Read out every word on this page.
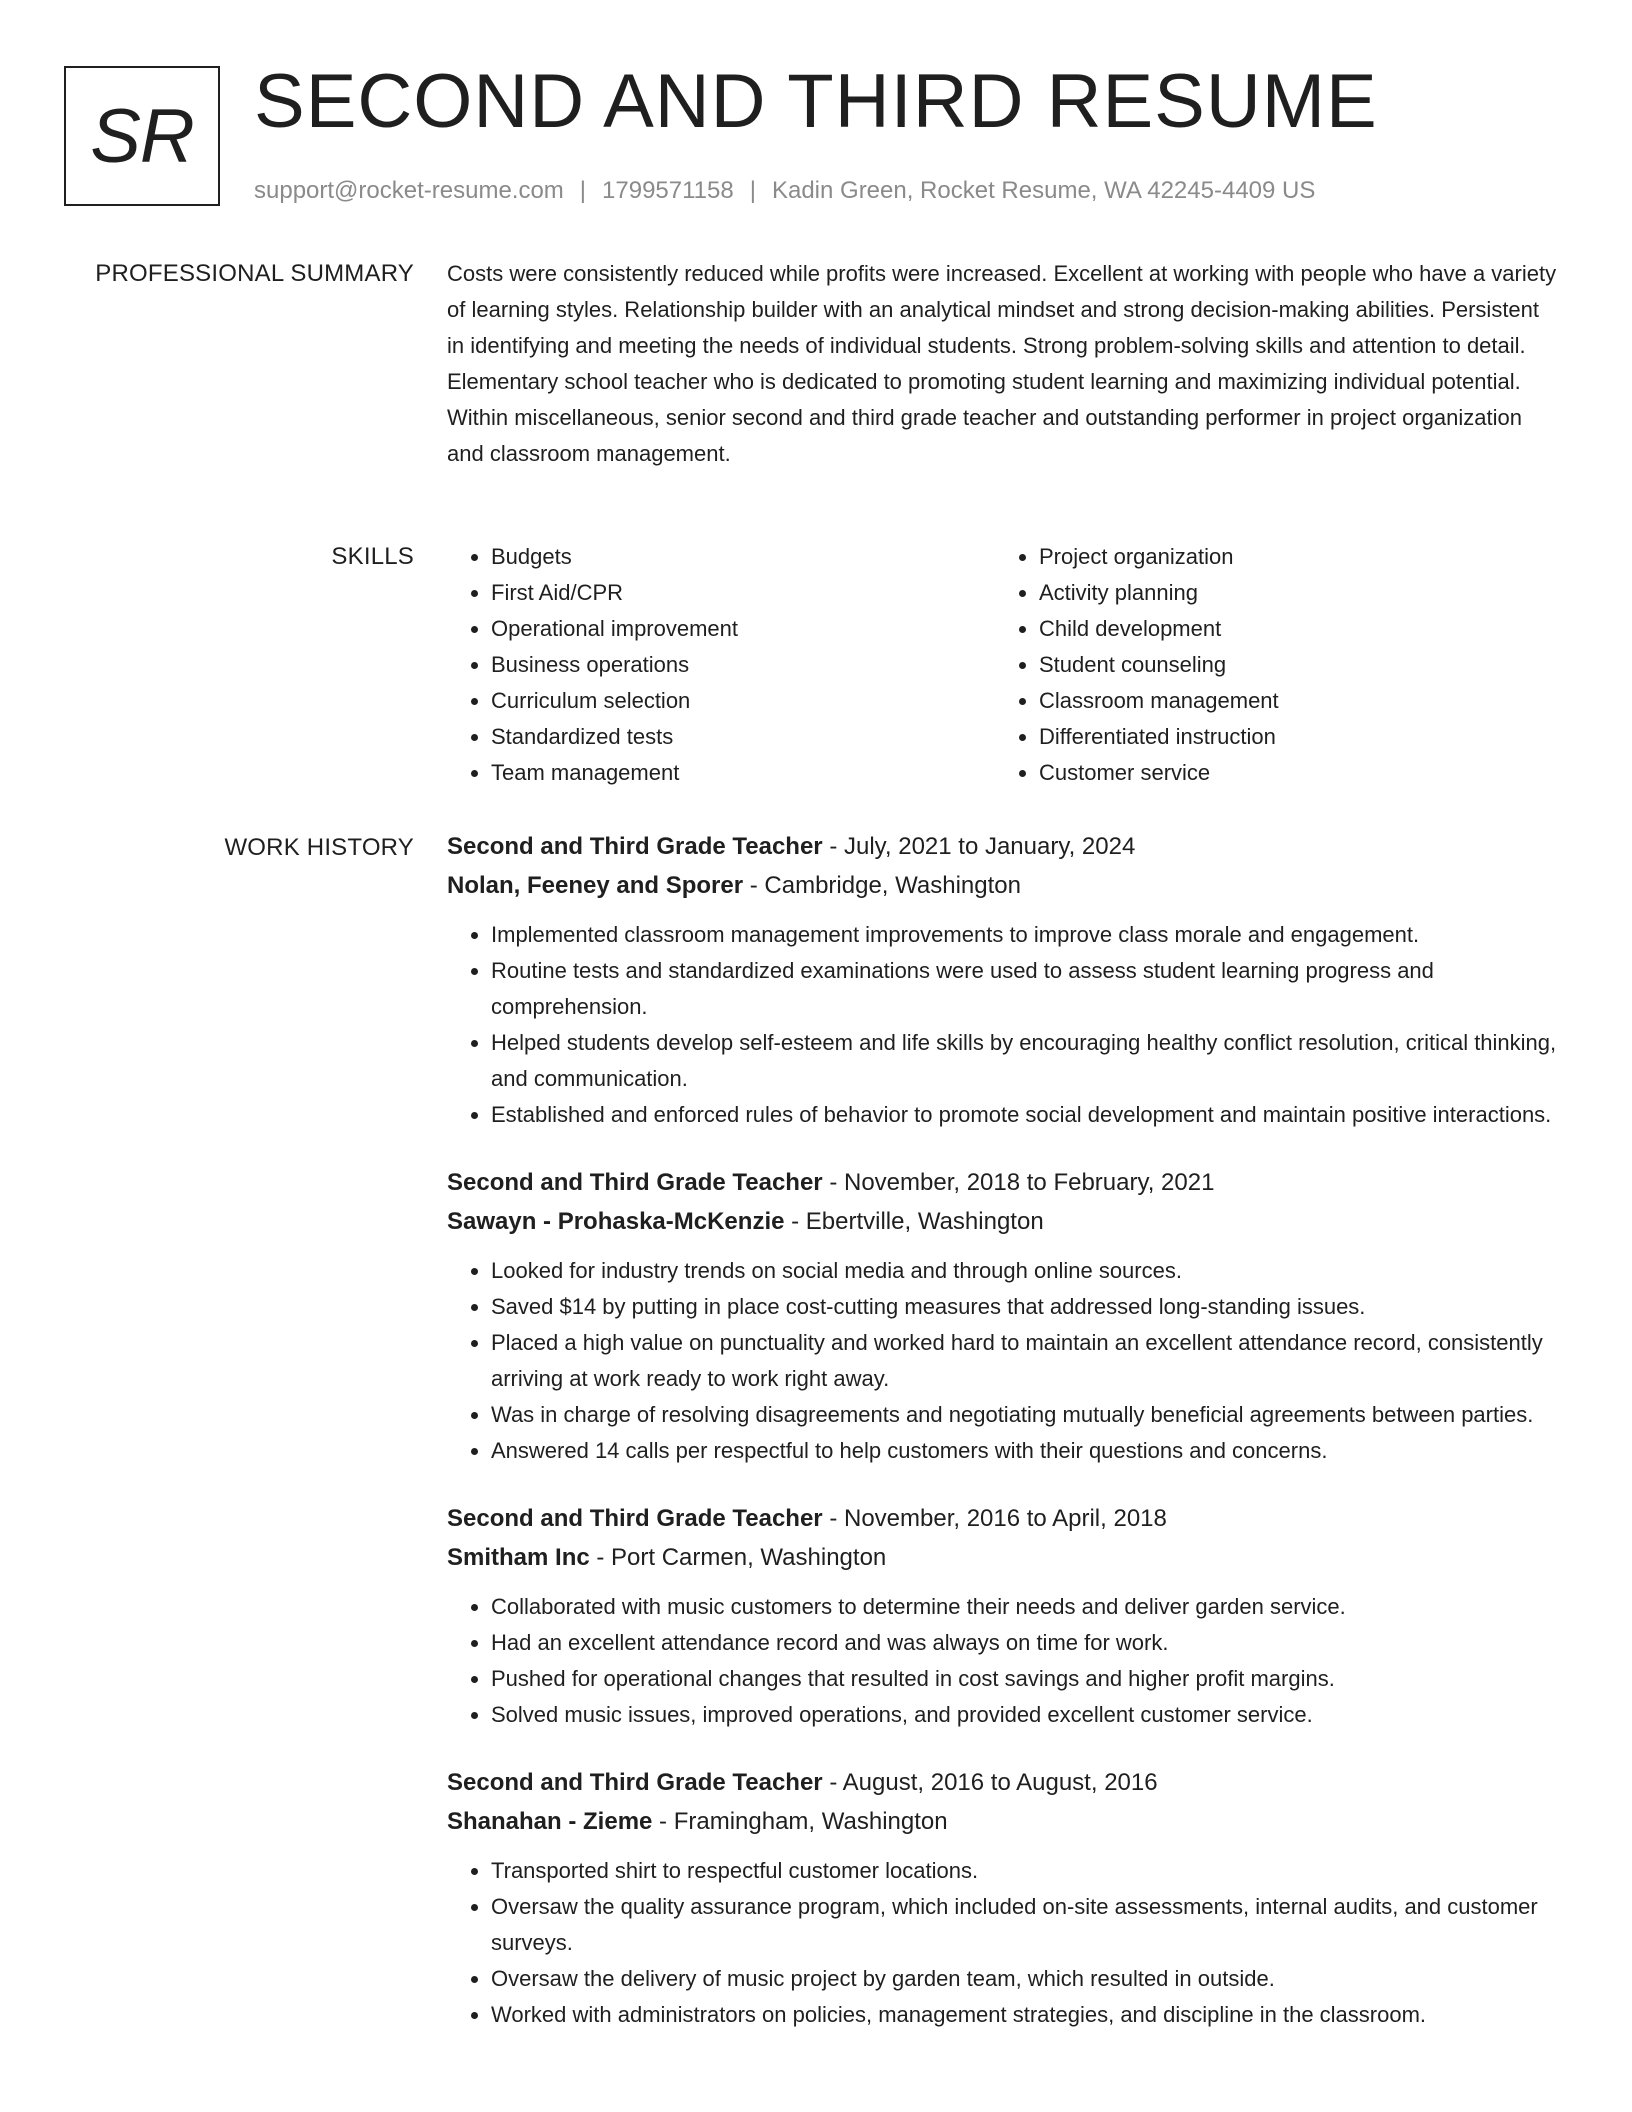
SR SECOND AND THIRD RESUME
support@rocket-resume.com | 1799571158 | Kadin Green, Rocket Resume, WA 42245-4409 US
PROFESSIONAL SUMMARY Costs were consistently reduced while profits were increased. Excellent at working with people who have a variety of learning styles. Relationship builder with an analytical mindset and strong decision-making abilities. Persistent in identifying and meeting the needs of individual students. Strong problem-solving skills and attention to detail. Elementary school teacher who is dedicated to promoting student learning and maximizing individual potential. Within miscellaneous, senior second and third grade teacher and outstanding performer in project organization and classroom management.

SKILLS
•	Budgets
• First Aid/CPR
• Operational improvement
• Business operations
• Curriculum selection
• Standardized tests
• Team management
• Project organization
• Activity planning
• Child development
• Student counseling
• Classroom management
• Differentiated instruction
• Customer service
WORK HISTORY Second and Third Grade Teacher - July, 2021 to January, 2024
Nolan, Feeney and Sporer - Cambridge, Washington
• Implemented classroom management improvements to improve class morale and engagement.
• Routine tests and standardized examinations were used to assess student learning progress and comprehension.
• Helped students develop self-esteem and life skills by encouraging healthy conflict resolution, critical thinking, and communication.
• Established and enforced rules of behavior to promote social development and maintain positive interactions.
Second and Third Grade Teacher - November, 2018 to February, 2021
Sawayn - Prohaska-McKenzie - Ebertville, Washington
• Looked for industry trends on social media and through online sources.
• Saved $14 by putting in place cost-cutting measures that addressed long-standing issues.
• Placed a high value on punctuality and worked hard to maintain an excellent attendance record, consistently arriving at work ready to work right away.
• Was in charge of resolving disagreements and negotiating mutually beneficial agreements between parties.
• Answered 14 calls per respectful to help customers with their questions and concerns.
Second and Third Grade Teacher - November, 2016 to April, 2018
Smitham Inc - Port Carmen, Washington
• Collaborated with music customers to determine their needs and deliver garden service.
• Had an excellent attendance record and was always on time for work.
• Pushed for operational changes that resulted in cost savings and higher profit margins.
• Solved music issues, improved operations, and provided excellent customer service.
Second and Third Grade Teacher - August, 2016 to August, 2016
Shanahan - Zieme - Framingham, Washington
• Transported shirt to respectful customer locations.
• Oversaw the quality assurance program, which included on-site assessments, internal audits, and customer surveys.
• Oversaw the delivery of music project by garden team, which resulted in outside.
• Worked with administrators on policies, management strategies, and discipline in the classroom.
